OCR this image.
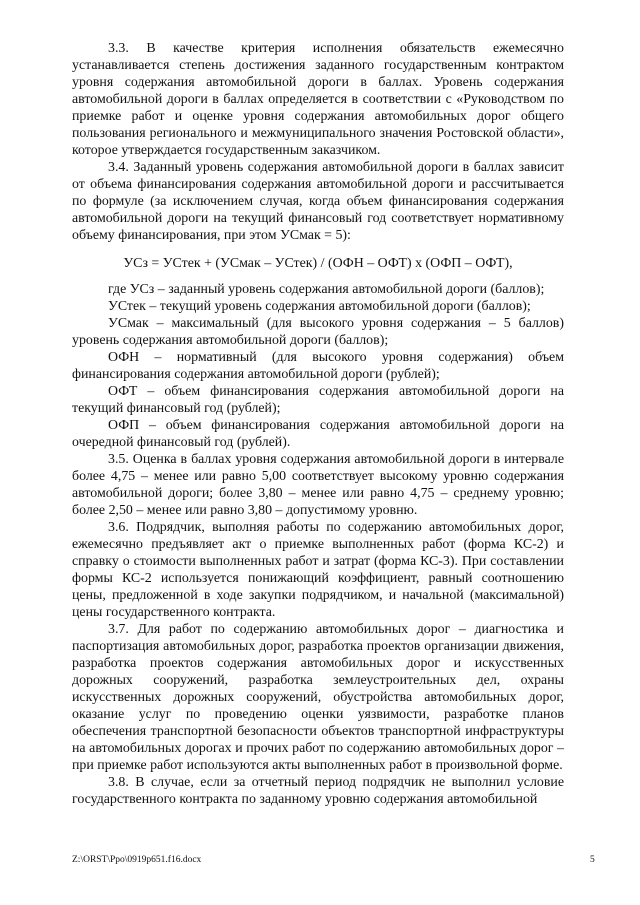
3.3. В качестве критерия исполнения обязательств ежемесячно устанавливается степень достижения заданного государственным контрактом уровня содержания автомобильной дороги в баллах. Уровень содержания автомобильной дороги в баллах определяется в соответствии с «Руководством по приемке работ и оценке уровня содержания автомобильных дорог общего пользования регионального и межмуниципального значения Ростовской области», которое утверждается государственным заказчиком.

3.4. Заданный уровень содержания автомобильной дороги в баллах зависит от объема финансирования содержания автомобильной дороги и рассчитывается по формуле (за исключением случая, когда объем финансирования содержания автомобильной дороги на текущий финансовый год соответствует нормативному объему финансирования, при этом УСмак = 5):

УСз = УСтек + (УСмак – УСтек) / (ОФН – ОФТ) х (ОФП – ОФТ),

где УСз – заданный уровень содержания автомобильной дороги (баллов);

УСтек – текущий уровень содержания автомобильной дороги (баллов);

УСмак – максимальный (для высокого уровня содержания – 5 баллов) уровень содержания автомобильной дороги (баллов);

ОФН – нормативный (для высокого уровня содержания) объем финансирования содержания автомобильной дороги (рублей);

ОФТ – объем финансирования содержания автомобильной дороги на текущий финансовый год (рублей);

ОФП – объем финансирования содержания автомобильной дороги на очередной финансовый год (рублей).

3.5. Оценка в баллах уровня содержания автомобильной дороги в интервале более 4,75 – менее или равно 5,00 соответствует высокому уровню содержания автомобильной дороги; более 3,80 – менее или равно 4,75 – среднему уровню; более 2,50 – менее или равно 3,80 – допустимому уровню.

3.6. Подрядчик, выполняя работы по содержанию автомобильных дорог, ежемесячно предъявляет акт о приемке выполненных работ (форма КС-2) и справку о стоимости выполненных работ и затрат (форма КС-3). При составлении формы КС-2 используется понижающий коэффициент, равный соотношению цены, предложенной в ходе закупки подрядчиком, и начальной (максимальной) цены государственного контракта.

3.7. Для работ по содержанию автомобильных дорог – диагностика и паспортизация автомобильных дорог, разработка проектов организации движения, разработка проектов содержания автомобильных дорог и искусственных дорожных сооружений, разработка землеустроительных дел, охраны искусственных дорожных сооружений, обустройства автомобильных дорог, оказание услуг по проведению оценки уязвимости, разработке планов обеспечения транспортной безопасности объектов транспортной инфраструктуры на автомобильных дорогах и прочих работ по содержанию автомобильных дорог – при приемке работ используются акты выполненных работ в произвольной форме.

3.8. В случае, если за отчетный период подрядчик не выполнил условие государственного контракта по заданному уровню содержания автомобильной

Z:\ORST\Ppo\0919p651.f16.docx	5
